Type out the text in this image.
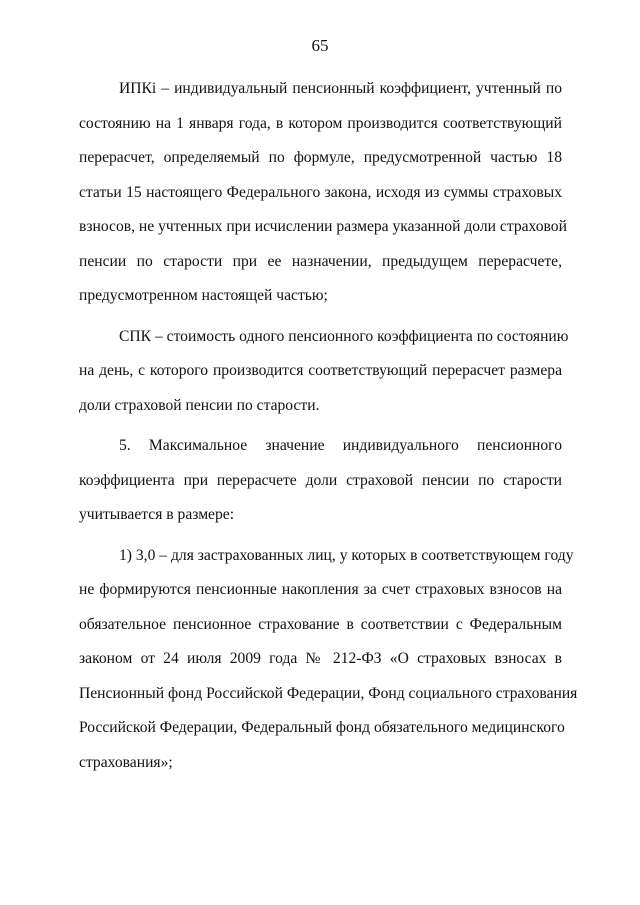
65
ИПКi – индивидуальный пенсионный коэффициент, учтенный по
состоянию на 1 января года, в котором производится соответствующий
перерасчет, определяемый по формуле, предусмотренной частью 18
статьи 15 настоящего Федерального закона, исходя из суммы страховых
взносов, не учтенных при исчислении размера указанной доли страховой
пенсии по старости при ее назначении, предыдущем перерасчете,
предусмотренном настоящей частью;
СПК – стоимость одного пенсионного коэффициента по состоянию
на день, с которого производится соответствующий перерасчет размера
доли страховой пенсии по старости.
5. Максимальное значение индивидуального пенсионного
коэффициента при перерасчете доли страховой пенсии по старости
учитывается в размере:
1) 3,0 – для застрахованных лиц, у которых в соответствующем году
не формируются пенсионные накопления за счет страховых взносов на
обязательное пенсионное страхование в соответствии с Федеральным
законом от 24 июля 2009 года № 212-ФЗ «О страховых взносах в
Пенсионный фонд Российской Федерации, Фонд социального страхования
Российской Федерации, Федеральный фонд обязательного медицинского
страхования»;
